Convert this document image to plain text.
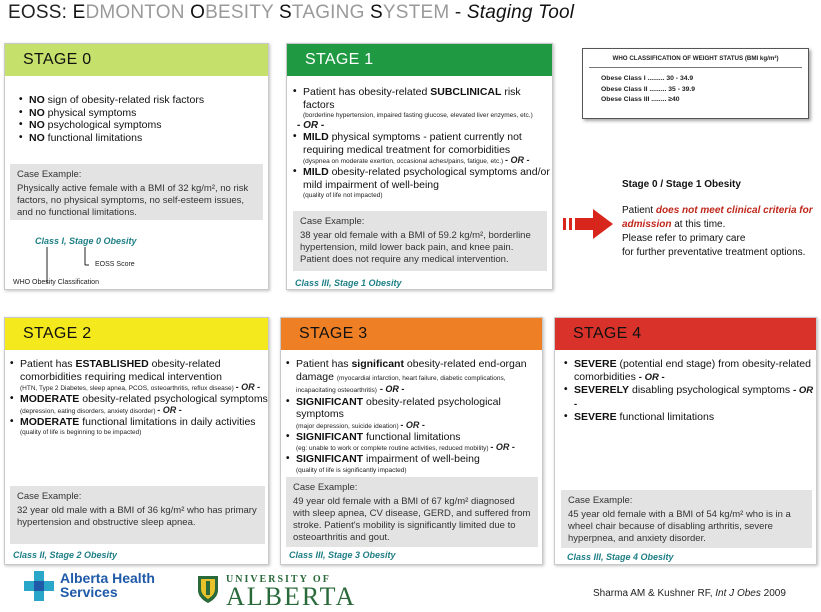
EOSS: EDMONTON OBESITY STAGING SYSTEM - Staging Tool
STAGE 0
• NO sign of obesity-related risk factors
• NO physical symptoms
• NO psychological symptoms
• NO functional limitations
Case Example:
Physically active female with a BMI of 32 kg/m², no risk factors, no physical symptoms, no self-esteem issues, and no functional limitations.
Class I, Stage 0 Obesity
EOSS Score
WHO Obesity Classification
STAGE 1
• Patient has obesity-related SUBCLINICAL risk factors
(borderline hypertension, impaired fasting glucose, elevated liver enzymes, etc.)
- OR -
• MILD physical symptoms - patient currently not requiring medical treatment for comorbidities
(dyspnea on moderate exertion, occasional aches/pains, fatigue, etc.) - OR -
• MILD obesity-related psychological symptoms and/or mild impairment of well-being
(quality of life not impacted)
Case Example:
38 year old female with a BMI of 59.2 kg/m², borderline hypertension, mild lower back pain, and knee pain. Patient does not require any medical intervention.
Class III, Stage 1 Obesity
WHO CLASSIFICATION OF WEIGHT STATUS (BMI kg/m²)
Obese Class I ......... 30 - 34.9
Obese Class II ......... 35 - 39.9
Obese Class III ........ ≥40
Stage 0 / Stage 1 Obesity
Patient does not meet clinical criteria for admission at this time.
Please refer to primary care
for further preventative treatment options.
STAGE 2
• Patient has ESTABLISHED obesity-related comorbidities requiring medical intervention
(HTN, Type 2 Diabetes, sleep apnea, PCOS, osteoarthritis, reflux disease) - OR -
• MODERATE obesity-related psychological symptoms
(depression, eating disorders, anxiety disorder) - OR -
• MODERATE functional limitations in daily activities
(quality of life is beginning to be impacted)
Case Example:
32 year old male with a BMI of 36 kg/m² who has primary hypertension and obstructive sleep apnea.
Class II, Stage 2 Obesity
STAGE 3
• Patient has significant obesity-related end-organ damage (myocardial infarction, heart failure, diabetic complications, incapacitating osteoarthritis) - OR -
• SIGNIFICANT obesity-related psychological symptoms
(major depression, suicide ideation) - OR -
• SIGNIFICANT functional limitations
(eg: unable to work or complete routine activities, reduced mobility) - OR -
• SIGNIFICANT impairment of well-being
(quality of life is significantly impacted)
Case Example:
49 year old female with a BMI of 67 kg/m² diagnosed with sleep apnea, CV disease, GERD, and suffered from stroke. Patient's mobility is significantly limited due to osteoarthritis and gout.
Class III, Stage 3 Obesity
STAGE 4
• SEVERE (potential end stage) from obesity-related comorbidities - OR -
• SEVERELY disabling psychological symptoms - OR -
• SEVERE functional limitations
Case Example:
45 year old female with a BMI of 54 kg/m² who is in a wheel chair because of disabling arthritis, severe hyperpnea, and anxiety disorder.
Class III, Stage 4 Obesity
Alberta Health
Services
UNIVERSITY OF
ALBERTA	Sharma AM & Kushner RF, Int J Obes 2009
